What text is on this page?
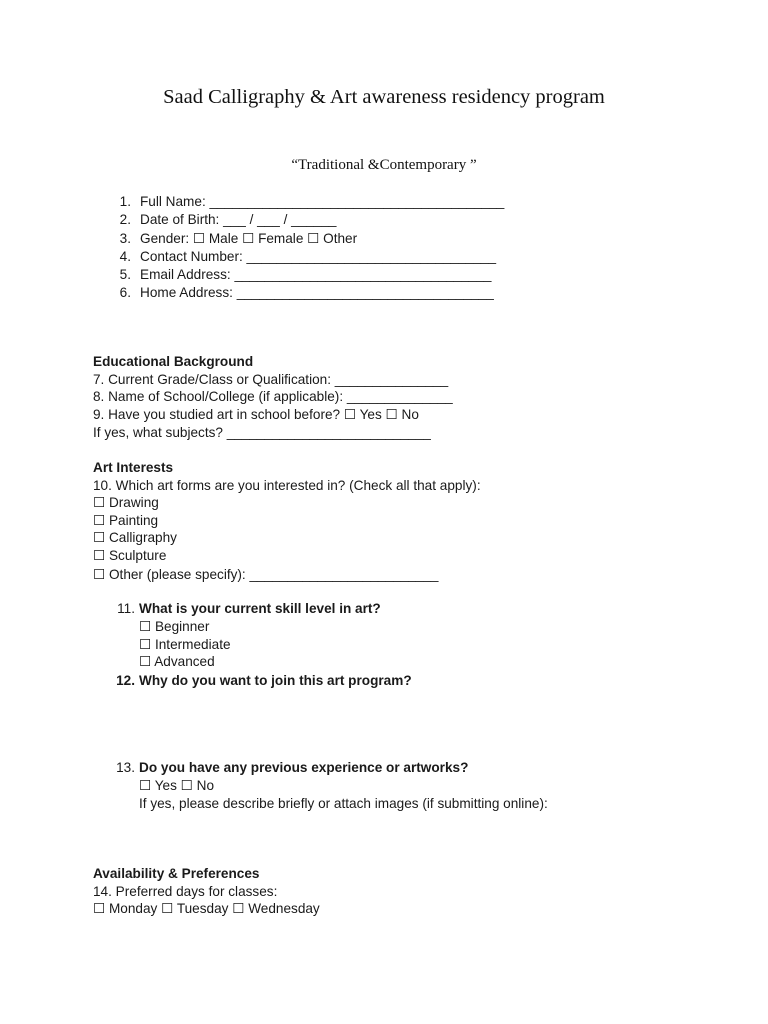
Saad Calligraphy & Art awareness residency program
“Traditional &Contemporary ”
1. Full Name: _______________________________________
2. Date of Birth: ___ / ___ / ______
3. Gender: ☐ Male ☐ Female ☐ Other
4. Contact Number: _________________________________
5. Email Address: __________________________________
6. Home Address: __________________________________
Educational Background
7. Current Grade/Class or Qualification: _______________
8. Name of School/College (if applicable): ______________
9. Have you studied art in school before? ☐ Yes ☐ No
If yes, what subjects? ___________________________
Art Interests
10. Which art forms are you interested in? (Check all that apply):
☐ Drawing
☐ Painting
☐ Calligraphy
☐ Sculpture
☐ Other (please specify): _________________________
11. What is your current skill level in art?
☐ Beginner
☐ Intermediate
☐ Advanced
12. Why do you want to join this art program?
13. Do you have any previous experience or artworks?
☐ Yes ☐ No
If yes, please describe briefly or attach images (if submitting online):
Availability & Preferences
14. Preferred days for classes:
☐ Monday ☐ Tuesday ☐ Wednesday
